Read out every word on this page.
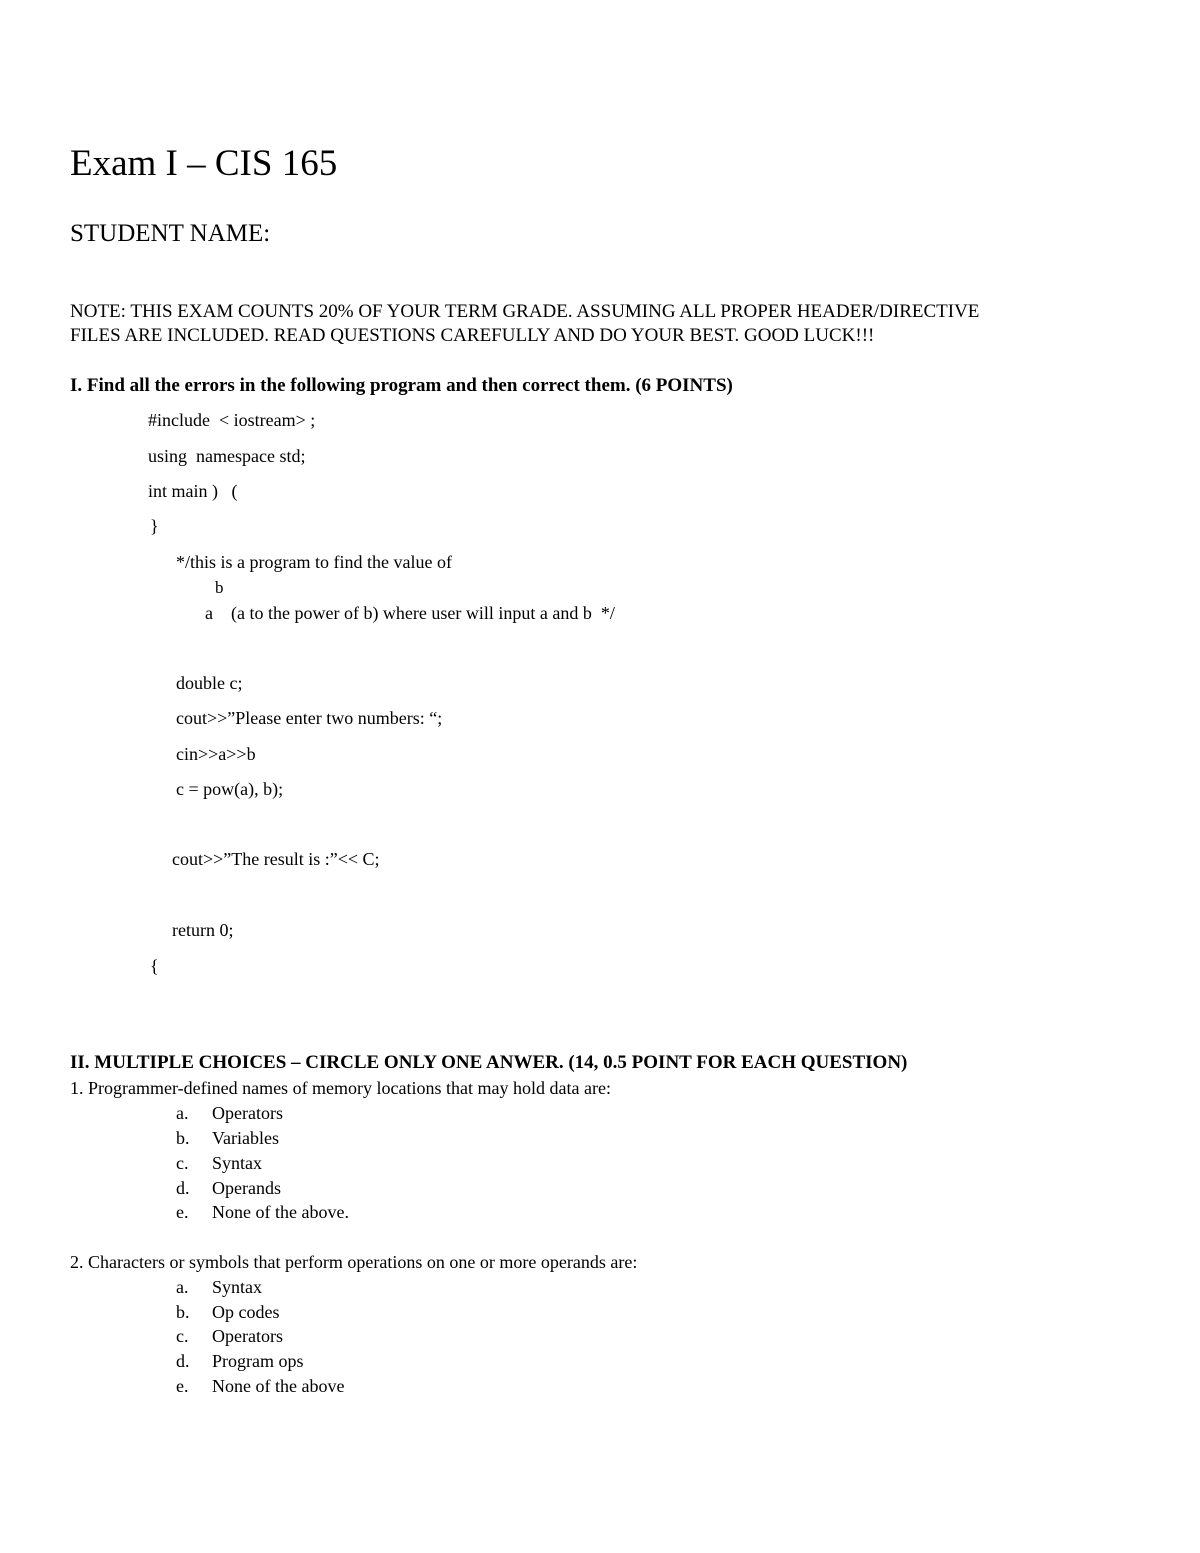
Exam I – CIS 165
STUDENT NAME:
NOTE: THIS EXAM COUNTS 20% OF YOUR TERM GRADE. ASSUMING ALL PROPER HEADER/DIRECTIVE
FILES ARE INCLUDED. READ QUESTIONS CAREFULLY AND DO YOUR BEST. GOOD LUCK!!!
I. Find all the errors in the following program and then correct them. (6 POINTS)
#include  < iostream> ;
using  namespace std;
int main )   (
}
*/this is a program to find the value of
b
a    (a to the power of b) where user will input a and b  */
double c;
cout>>”Please enter two numbers: “;
cin>>a>>b
c = pow(a), b);
cout>>”The result is :”<< C;
return 0;
{
II. MULTIPLE CHOICES – CIRCLE ONLY ONE ANWER. (14, 0.5 POINT FOR EACH QUESTION)
1. Programmer-defined names of memory locations that may hold data are:
a. Operators
b. Variables
c. Syntax
d. Operands
e. None of the above.
2. Characters or symbols that perform operations on one or more operands are:
a. Syntax
b. Op codes
c. Operators
d. Program ops
e. None of the above
